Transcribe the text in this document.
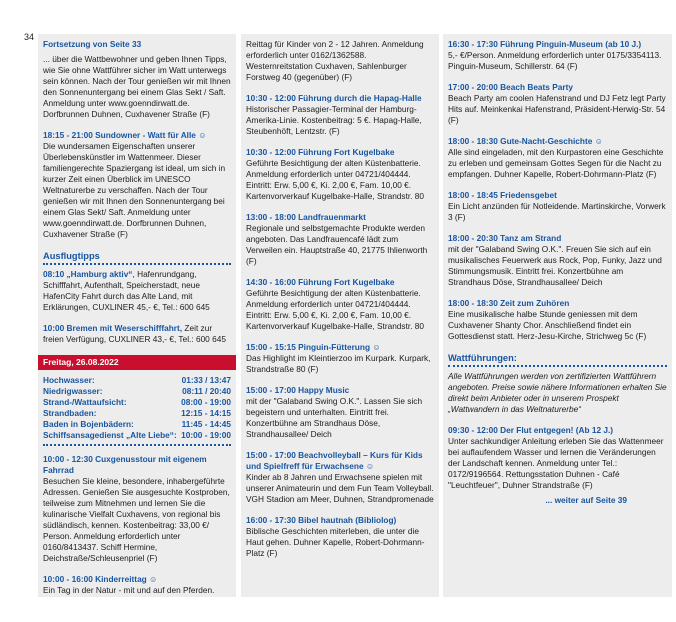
34
Fortsetzung von Seite 33

... über die Wattbewohner und geben Ihnen Tipps, wie Sie ohne Wattführer sicher im Watt unterwegs sein können. Nach der Tour genießen wir mit Ihnen den Sonnenuntergang bei einem Glas Sekt / Saft. Anmeldung unter www.goenndirwatt.de. Dorfbrunnen Duhnen, Cuxhavener Straße (F)

18:15 - 21:00 Sundowner - Watt für Alle ☺

Die wundersamen Eigenschaften unserer Überlebenskünstler im Wattenmeer. Dieser familiengerechte Spaziergang ist ideal, um sich in kurzer Zeit einen Überblick im UNESCO Weltnaturerbe zu verschaffen. Nach der Tour genießen wir mit Ihnen den Sonnenuntergang bei einem Glas Sekt/ Saft. Anmeldung unter www.goenndirwatt.de. Dorfbrunnen Duhnen, Cuxhavener Straße (F)

Ausflugtipps

08:10 „Hamburg aktiv“, Hafenrundgang, Schifffahrt, Aufenthalt, Speicherstadt, neue HafenCity Fahrt durch das Alte Land, mit Erklärungen, CUXLINER 45,- €, Tel.: 600 645

10:00 Bremen mit Weserschifffahrt, Zeit zur freien Verfügung, CUXLINER 43,- €, Tel.: 600 645

Freitag, 26.08.2022
Hochwasser:	01:33 / 13:47
Niedrigwasser:	08:11 / 20:40
Strand-/Wattaufsicht:	08:00 - 19:00
Strandbaden:	12:15 - 14:15
Baden in Bojenbädern:	11:45 - 14:45
Schiffsansagedienst „Alte Liebe“: 10:00 - 19:00
10:00 - 12:30 Cuxgenusstour mit eigenem Fahrrad

Besuchen Sie kleine, besondere, inhabergeführte Adressen. Genießen Sie ausgesuchte Kostproben, teilweise zum Mitnehmen und lernen Sie die kulinarische Vielfalt Cuxhavens, von regional bis südländisch, kennen. Kostenbeitrag: 33,00 €/ Person. Anmeldung erforderlich unter 0160/8413437. Schiff Hermine, Deichstraße/Schleusenpriel (F)

10:00 - 16:00 Kinderreittag ☺

Ein Tag in der Natur - mit und auf den Pferden.

Reittag für Kinder von 2 - 12 Jahren. Anmeldung erforderlich unter 0162/1362588. Westernreitstation Cuxhaven, Sahlenburger Forstweg 40 (gegenüber) (F)

10:30 - 12:00 Führung durch die Hapag-Halle

Historischer Passagier-Terminal der Hamburg-Amerika-Linie. Kostenbeitrag: 5 €. Hapag-Halle, Steubenhöft, Lentzstr. (F)

10:30 - 12:00 Führung Fort Kugelbake

Geführte Besichtigung der alten Küstenbatterie. Anmeldung erforderlich unter 04721/404444. Eintritt: Erw. 5,00 €, Ki. 2,00 €, Fam. 10,00 €. Kartenvorverkauf Kugelbake-Halle, Strandstr. 80

13:00 - 18:00 Landfrauenmarkt

Regionale und selbstgemachte Produkte werden angeboten. Das Landfrauencafé lädt zum Verweilen ein. Hauptstraße 40, 21775 Ihlienworth (F)

14:30 - 16:00 Führung Fort Kugelbake

Geführte Besichtigung der alten Küstenbatterie. Anmeldung erforderlich unter 04721/404444. Eintritt: Erw. 5,00 €, Ki. 2,00 €, Fam. 10,00 €. Kartenvorverkauf Kugelbake-Halle, Strandstr. 80

15:00 - 15:15 Pinguin-Fütterung ☺

Das Highlight im Kleintierzoo im Kurpark. Kurpark, Strandstraße 80 (F)

15:00 - 17:00 Happy Music

mit der "Galaband Swing O.K.". Lassen Sie sich begeistern und unterhalten. Eintritt frei. Konzertbühne am Strandhaus Döse, Strandhausallee/ Deich

15:00 - 17:00 Beachvolleyball – Kurs für Kids und Spielfreff für Erwachsene ☺

Kinder ab 8 Jahren und Erwachsene spielen mit unserer Animateurin und dem Fun Team Volleyball. VGH Stadion am Meer, Duhnen, Strandpromenade

16:00 - 17:30 Bibel hautnah (Bibliolog)

Biblische Geschichten miterleben, die unter die Haut gehen. Duhner Kapelle, Robert-Dohrmann-Platz (F)

16:30 - 17:30 Führung Pinguin-Museum (ab 10 J.)

5,- €/Person. Anmeldung erforderlich unter 0175/3354113. Pinguin-Museum, Schillerstr. 64 (F)

17:00 - 20:00 Beach Beats Party

Beach Party am coolen Hafenstrand und DJ Fetz legt Party Hits auf. Meinkenkai Hafenstrand, Präsident-Herwig-Str. 54 (F)

18:00 - 18:30 Gute-Nacht-Geschichte ☺

Alle sind eingeladen, mit den Kurpastoren eine Geschichte zu erleben und gemeinsam Gottes Segen für die Nacht zu empfangen. Duhner Kapelle, Robert-Dohrmann-Platz (F)

18:00 - 18:45 Friedensgebet

Ein Licht anzünden für Notleidende. Martinskirche, Vorwerk 3 (F)

18:00 - 20:30 Tanz am Strand

mit der "Galaband Swing O.K.". Freuen Sie sich auf ein musikalisches Feuerwerk aus Rock, Pop, Funky, Jazz und Stimmungsmusik. Eintritt frei. Konzertbühne am Strandhaus Döse, Strandhausallee/ Deich

18:00 - 18:30 Zeit zum Zuhören

Eine musikalische halbe Stunde geniessen mit dem Cuxhavener Shanty Chor. Anschließend findet ein Gottesdienst statt. Herz-Jesu-Kirche, Strichweg 5c (F)

Wattführungen:

Alle Wattführungen werden von zertifizierten Wattführern angeboten. Preise sowie nähere Informationen erhalten Sie direkt beim Anbieter oder in unserem Prospekt „Wattwandern in das Weltnaturerbe“

09:30 - 12:00 Der Flut entgegen! (Ab 12 J.)

Unter sachkundiger Anleitung erleben Sie das Wattenmeer bei auflaufendem Wasser und lernen die Veränderungen der Landschaft kennen. Anmeldung unter Tel.: 0172/9196564. Rettungsstation Duhnen - Café "Leuchtfeuer", Duhner Strandstraße (F)

... weiter auf Seite 39
